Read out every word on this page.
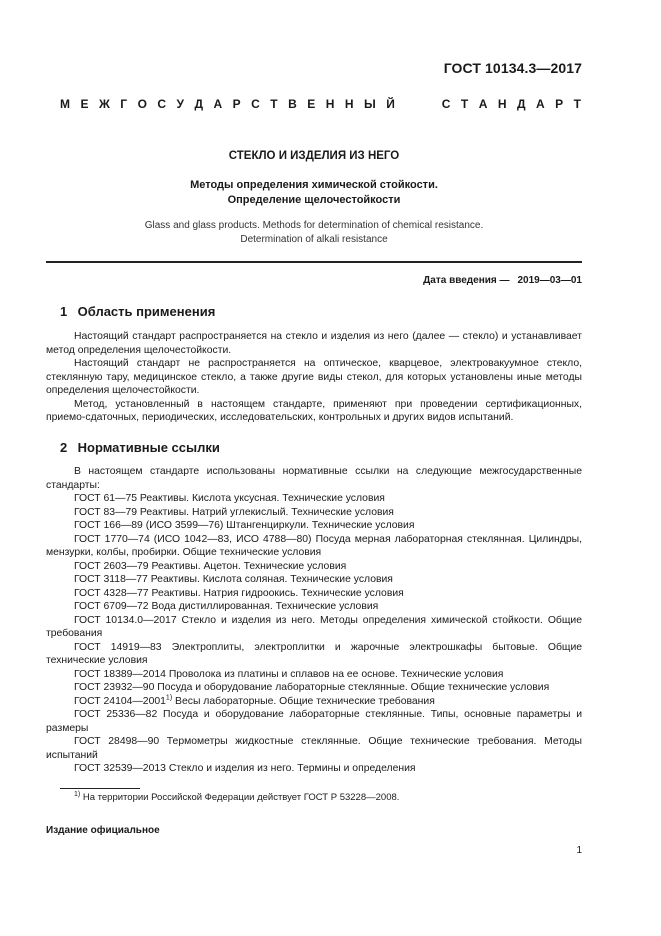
ГОСТ 10134.3—2017
М Е Ж Г О С У Д А Р С Т В Е Н Н Ы Й	С Т А Н Д А Р Т
СТЕКЛО И ИЗДЕЛИЯ ИЗ НЕГО
Методы определения химической стойкости.
Определение щелочестойкости
Glass and glass products. Methods for determination of chemical resistance.
Determination of alkali resistance
Дата введения — 2019—03—01
1 Область применения

Настоящий стандарт распространяется на стекло и изделия из него (далее — стекло) и устанавливает метод определения щелочестойкости.

Настоящий стандарт не распространяется на оптическое, кварцевое, электровакуумное стекло, стеклянную тару, медицинское стекло, а также другие виды стекол, для которых установлены иные методы определения щелочестойкости.

Метод, установленный в настоящем стандарте, применяют при проведении сертификационных, приемо-сдаточных, периодических, исследовательских, контрольных и других видов испытаний.

2 Нормативные ссылки

В настоящем стандарте использованы нормативные ссылки на следующие межгосударственные стандарты:

ГОСТ 61—75 Реактивы. Кислота уксусная. Технические условия

ГОСТ 83—79 Реактивы. Натрий углекислый. Технические условия

ГОСТ 166—89 (ИСО 3599—76) Штангенциркули. Технические условия

ГОСТ 1770—74 (ИСО 1042—83, ИСО 4788—80) Посуда мерная лабораторная стеклянная. Цилиндры, мензурки, колбы, пробирки. Общие технические условия

ГОСТ 2603—79 Реактивы. Ацетон. Технические условия

ГОСТ 3118—77 Реактивы. Кислота соляная. Технические условия

ГОСТ 4328—77 Реактивы. Натрия гидроокись. Технические условия

ГОСТ 6709—72 Вода дистиллированная. Технические условия

ГОСТ 10134.0—2017 Стекло и изделия из него. Методы определения химической стойкости. Общие требования

ГОСТ 14919—83 Электроплиты, электроплитки и жарочные электрошкафы бытовые. Общие технические условия

ГОСТ 18389—2014 Проволока из платины и сплавов на ее основе. Технические условия

ГОСТ 23932—90 Посуда и оборудование лабораторные стеклянные. Общие технические условия

ГОСТ 24104—2001$^{1)}$ Весы лабораторные. Общие технические требования

ГОСТ 25336—82 Посуда и оборудование лабораторные стеклянные. Типы, основные параметры и размеры

ГОСТ 28498—90 Термометры жидкостные стеклянные. Общие технические требования. Методы испытаний

ГОСТ 32539—2013 Стекло и изделия из него. Термины и определения

$^{1)}$ На территории Российской Федерации действует ГОСТ Р 53228—2008.
Издание официальное
1
